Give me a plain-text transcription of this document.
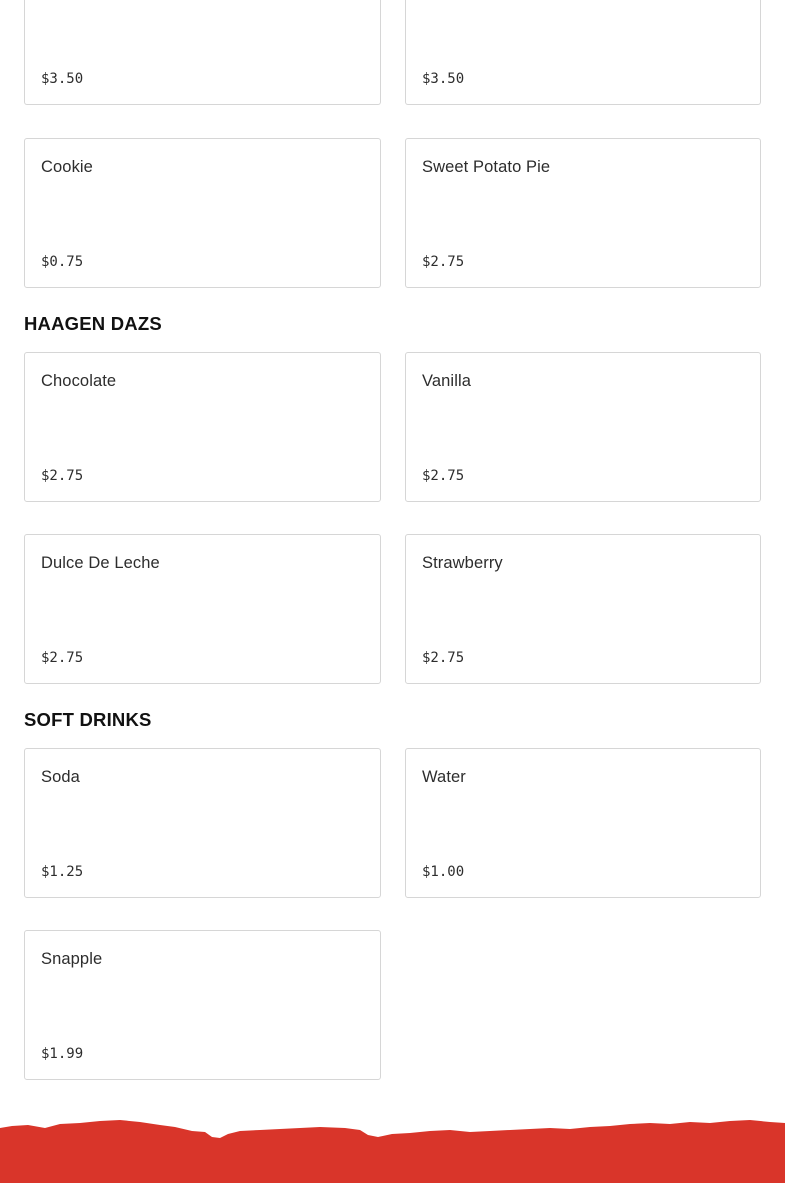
$3.50	$3.50
Cookie
$0.75
Sweet Potato Pie
$2.75
HAAGEN DAZS
Chocolate
$2.75
Vanilla
$2.75
Dulce De Leche
$2.75
Strawberry
$2.75
SOFT DRINKS
Soda
$1.25
Water
$1.00
Snapple
$1.99
